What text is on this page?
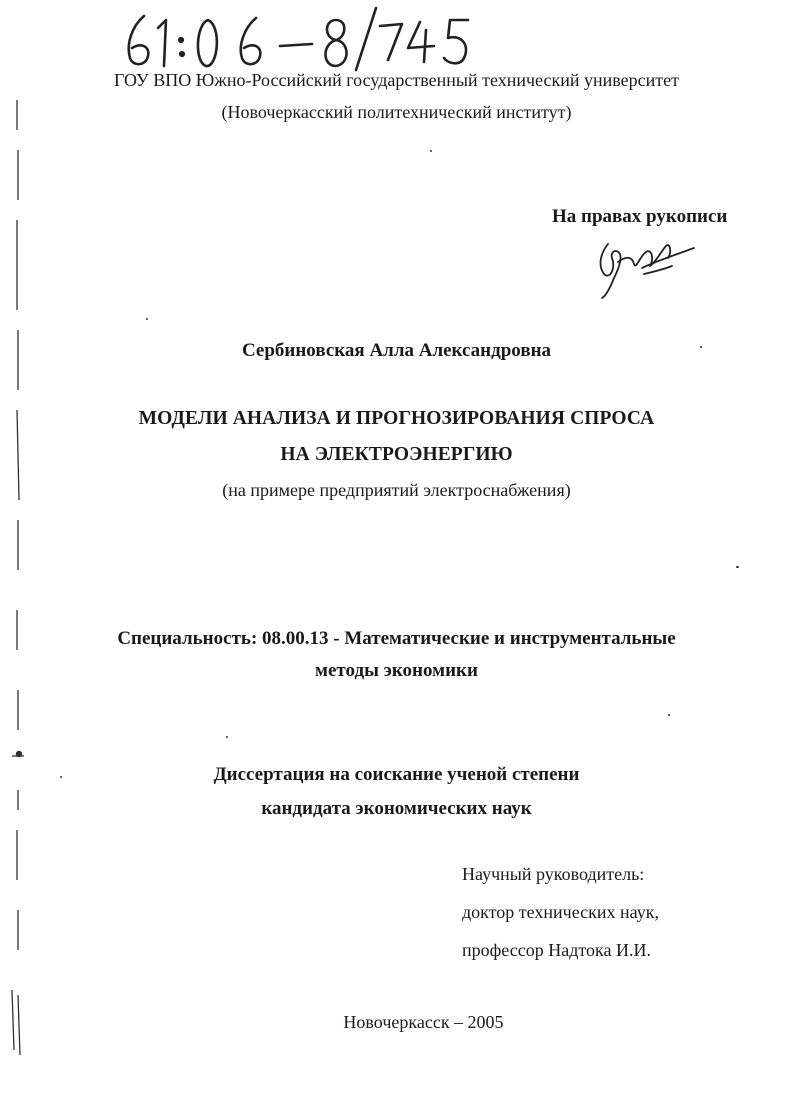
ГОУ ВПО Южно-Российский государственный технический университет
(Новочеркасский политехнический институт)
На правах рукописи
Сербиновская Алла Александровна
МОДЕЛИ АНАЛИЗА И ПРОГНОЗИРОВАНИЯ СПРОСА
НА ЭЛЕКТРОЭНЕРГИЮ
(на примере предприятий электроснабжения)
Специальность: 08.00.13 - Математические и инструментальные
методы экономики
Диссертация на соискание ученой степени
кандидата экономических наук
Научный руководитель:
доктор технических наук,
профессор Надтока И.И.
Новочеркасск – 2005
